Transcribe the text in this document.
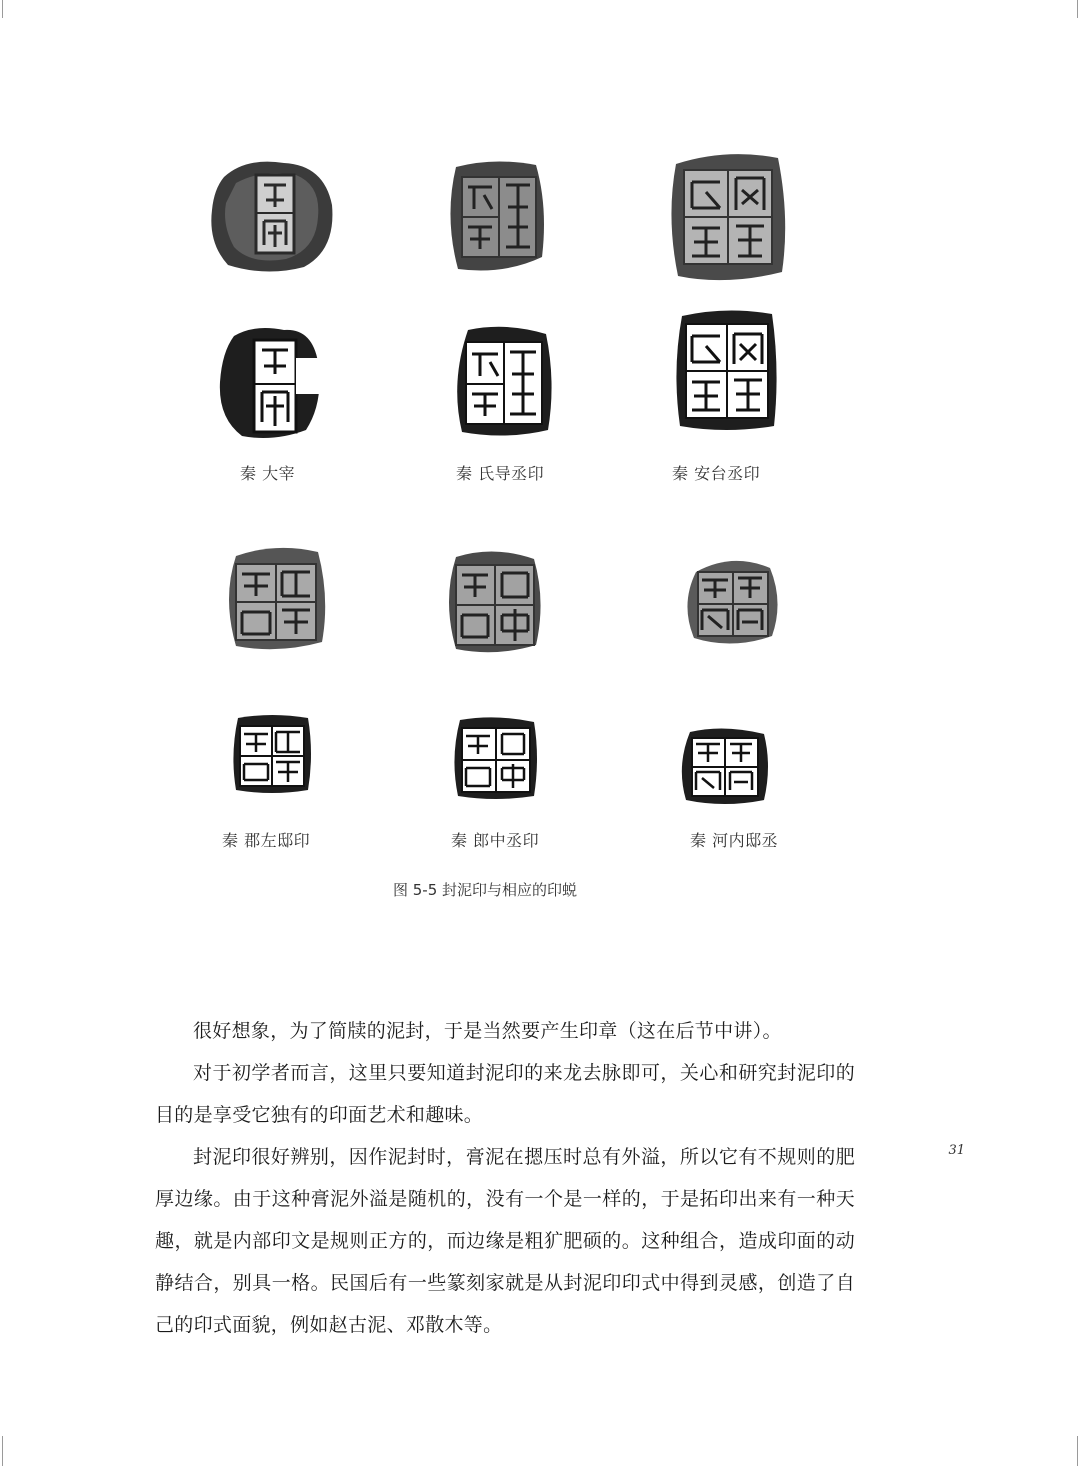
秦 大宰	秦 氏导丞印	秦 安台丞印
秦 郡左邸印	秦 郎中丞印	秦 河内邸丞
图 5-5 封泥印与相应的印蜕

很好想象，为了简牍的泥封，于是当然要产生印章（这在后节中讲）。

对于初学者而言，这里只要知道封泥印的来龙去脉即可，关心和研究封泥印的目的是享受它独有的印面艺术和趣味。

封泥印很好辨别，因作泥封时，膏泥在摁压时总有外溢，所以它有不规则的肥厚边缘。由于这种膏泥外溢是随机的，没有一个是一样的，于是拓印出来有一种天趣，就是内部印文是规则正方的，而边缘是粗犷肥硕的。这种组合，造成印面的动静结合，别具一格。民国后有一些篆刻家就是从封泥印印式中得到灵感，创造了自己的印式面貌，例如赵古泥、邓散木等。

31
